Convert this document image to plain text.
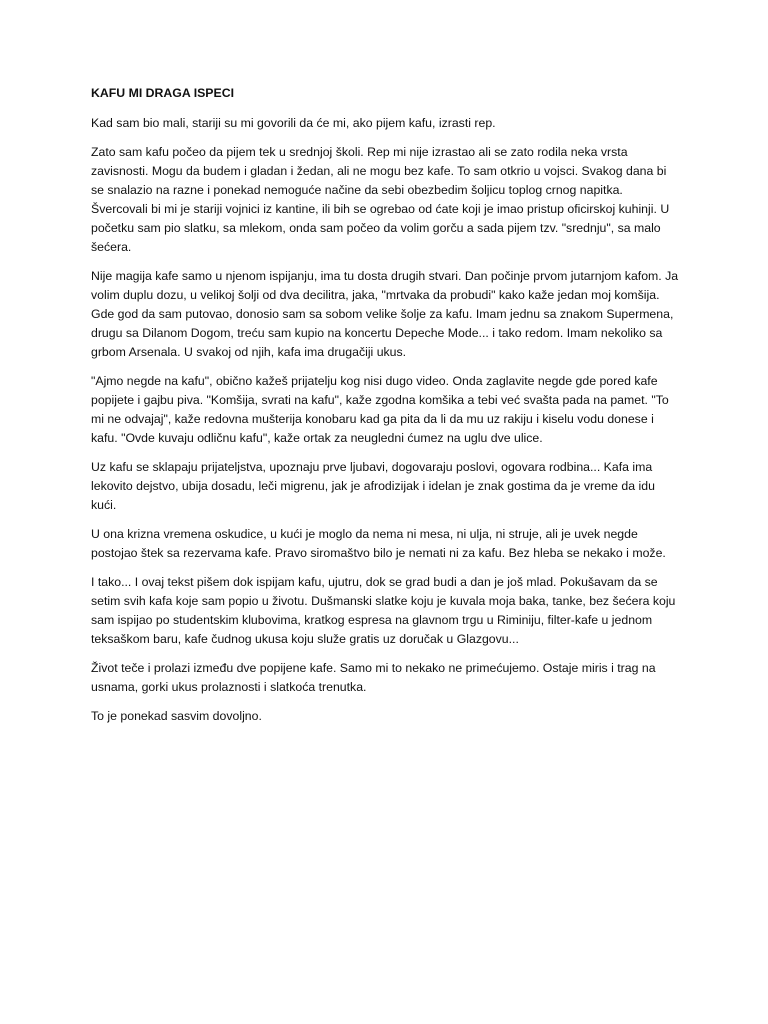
KAFU MI DRAGA ISPECI

Kad sam bio mali, stariji su mi govorili da će mi, ako pijem kafu, izrasti rep.

Zato sam kafu počeo da pijem tek u srednjoj školi. Rep mi nije izrastao ali se zato rodila neka vrsta zavisnosti. Mogu da budem i gladan i žedan, ali ne mogu bez kafe. To sam otkrio u vojsci. Svakog dana bi se snalazio na razne i ponekad nemoguće načine da sebi obezbedim šoljicu toplog crnog napitka. Švercovali bi mi je stariji vojnici iz kantine, ili bih se ogrebao od ćate koji je imao pristup oficirskoj kuhinji. U početku sam pio slatku, sa mlekom, onda sam počeo da volim gorču a sada pijem tzv. "srednju", sa malo šećera.

Nije magija kafe samo u njenom ispijanju, ima tu dosta drugih stvari. Dan počinje prvom jutarnjom kafom. Ja volim duplu dozu, u velikoj šolji od dva decilitra, jaka, "mrtvaka da probudi" kako kaže jedan moj komšija. Gde god da sam putovao, donosio sam sa sobom velike šolje za kafu. Imam jednu sa znakom Supermena, drugu sa Dilanom Dogom, treću sam kupio na koncertu Depeche Mode... i tako redom. Imam nekoliko sa grbom Arsenala. U svakoj od njih, kafa ima drugačiji ukus.

"Ajmo negde na kafu", obično kažeš prijatelju kog nisi dugo video. Onda zaglavite negde gde pored kafe popijete i gajbu piva. "Komšija, svrati na kafu", kaže zgodna komšika a tebi već svašta pada na pamet. "To mi ne odvajaj", kaže redovna mušterija konobaru kad ga pita da li da mu uz rakiju i kiselu vodu donese i kafu. "Ovde kuvaju odličnu kafu", kaže ortak za neugledni ćumez na uglu dve ulice.

Uz kafu se sklapaju prijateljstva, upoznaju prve ljubavi, dogovaraju poslovi, ogovara rodbina... Kafa ima lekovito dejstvo, ubija dosadu, leči migrenu, jak je afrodizijak i idelan je znak gostima da je vreme da idu kući.

U ona krizna vremena oskudice, u kući je moglo da nema ni mesa, ni ulja, ni struje, ali je uvek negde postojao štek sa rezervama kafe. Pravo siromaštvo bilo je nemati ni za kafu. Bez hleba se nekako i može.

I tako... I ovaj tekst pišem dok ispijam kafu, ujutru, dok se grad budi a dan je još mlad. Pokušavam da se setim svih kafa koje sam popio u životu. Dušmanski slatke koju je kuvala moja baka, tanke, bez šećera koju sam ispijao po studentskim klubovima, kratkog espresa na glavnom trgu u Riminiju, filter-kafe u jednom teksaškom baru, kafe čudnog ukusa koju služe gratis uz doručak u Glazgovu...

Život teče i prolazi između dve popijene kafe. Samo mi to nekako ne primećujemo. Ostaje miris i trag na usnama, gorki ukus prolaznosti i slatkoća trenutka.

To je ponekad sasvim dovoljno.
